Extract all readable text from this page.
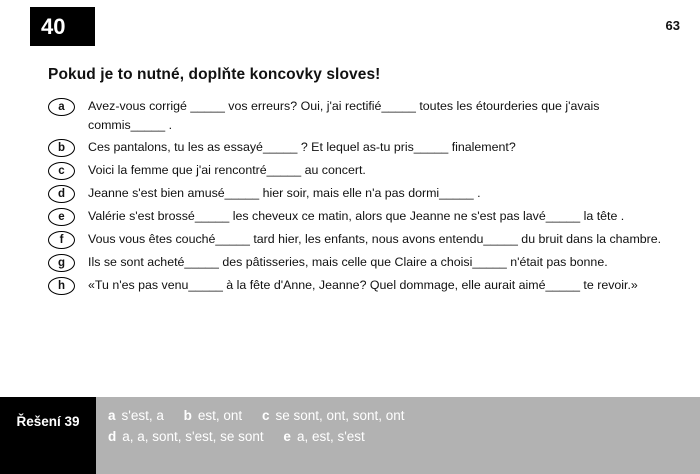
40	63
Pokud je to nutné, doplňte koncovky sloves!
a	Avez-vous corrigé _____ vos erreurs? Oui, j'ai rectifié_____ toutes les étourderies que j'avais commis_____ .
b	Ces pantalons, tu les as essayé_____ ? Et lequel as-tu pris_____ finalement?
c	Voici la femme que j'ai rencontré_____ au concert.
d	Jeanne s'est bien amusé_____ hier soir, mais elle n'a pas dormi_____ .
e	Valérie s'est brossé_____ les cheveux ce matin, alors que Jeanne ne s'est pas lavé_____ la tête .
f	Vous vous êtes couché_____ tard hier, les enfants, nous avons entendu_____ du bruit dans la chambre.
g	Ils se sont acheté_____ des pâtisseries, mais celle que Claire a choisi_____ n'était pas bonne.
h	«Tu n'es pas venu_____ à la fête d'Anne, Jeanne? Quel dommage, elle aurait aimé_____ te revoir.»
Řešení 39	a s'est, a b est, ont c se sont, ont, sont, ont
d a, a, sont, s'est, se sont e a, est, s'est
